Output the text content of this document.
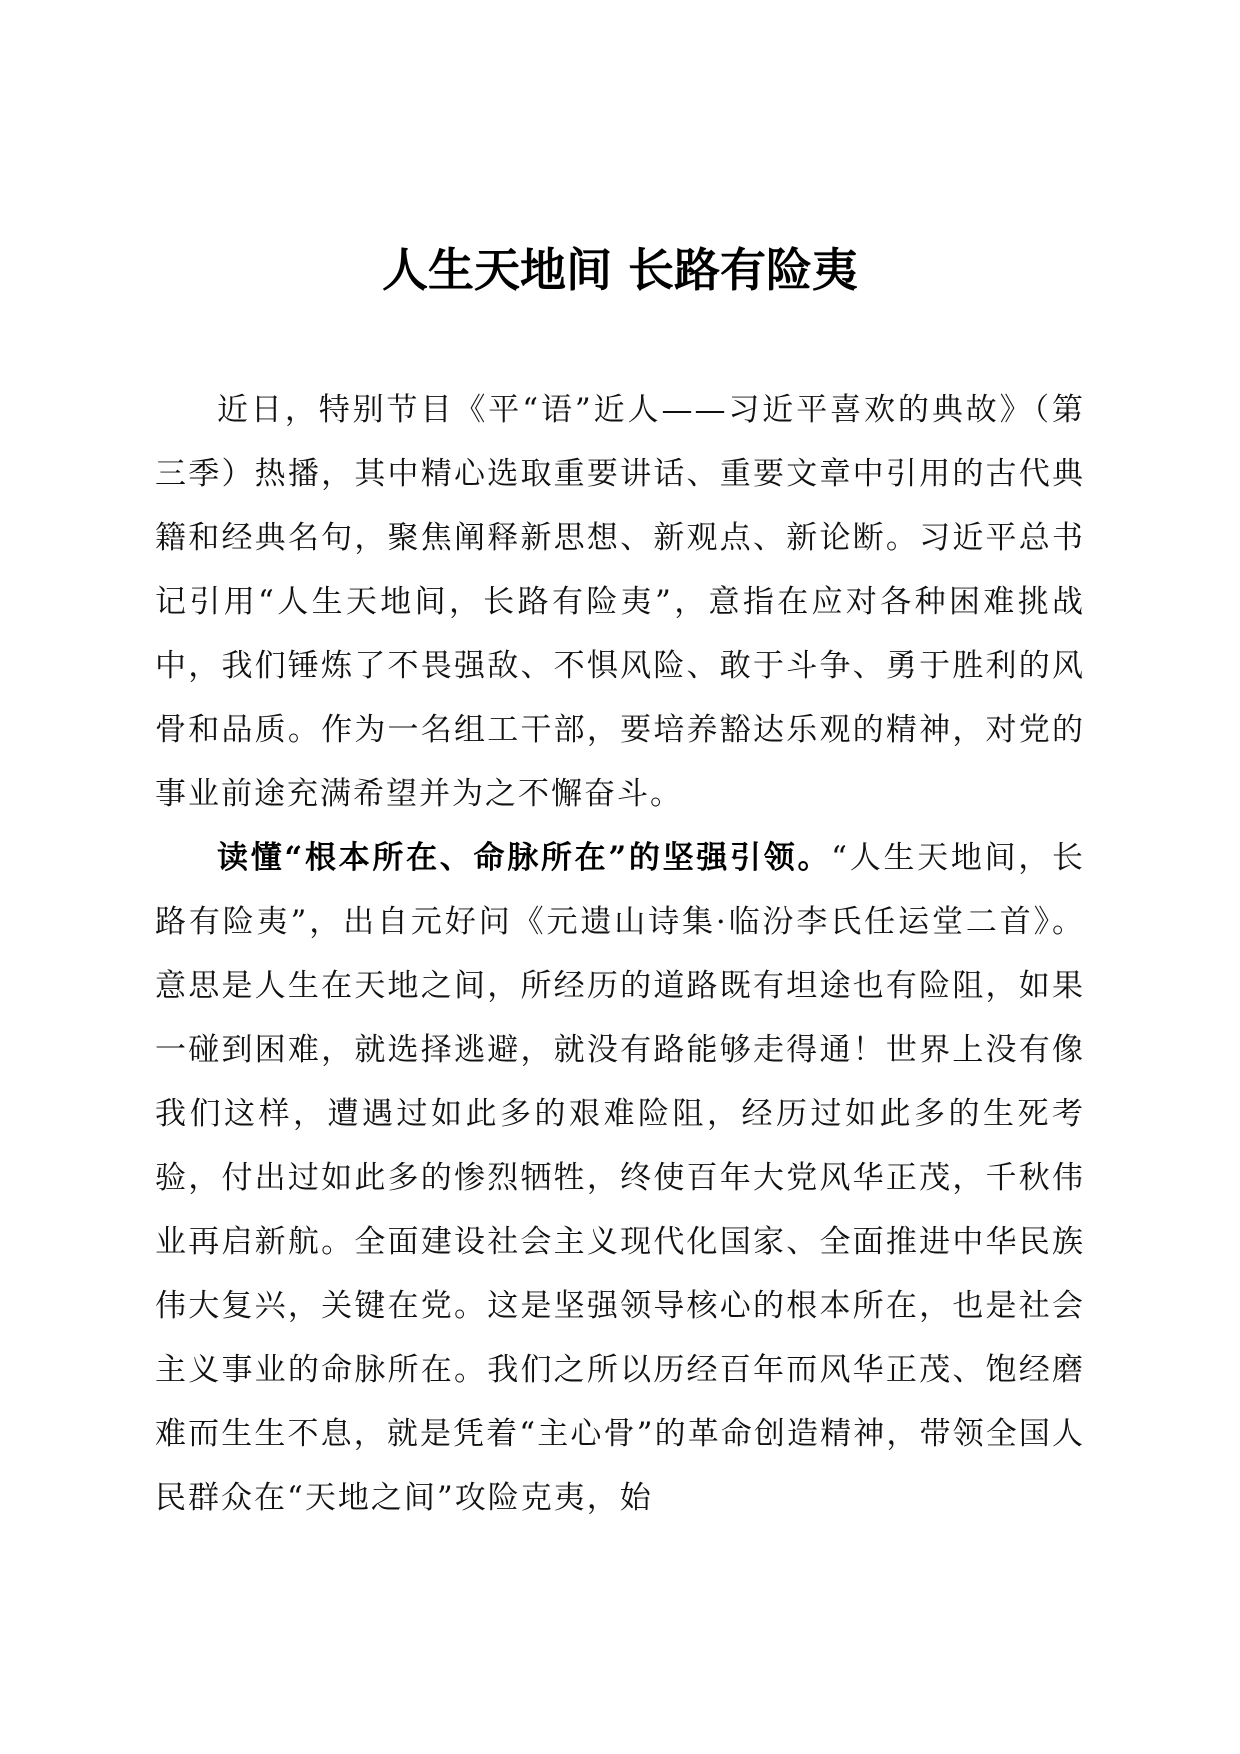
人生天地间 长路有险夷

近日，特别节目《平“语”近人——习近平喜欢的典故》（第三季）热播，其中精心选取重要讲话、重要文章中引用的古代典籍和经典名句，聚焦阐释新思想、新观点、新论断。习近平总书记引用“人生天地间，长路有险夷”，意指在应对各种困难挑战中，我们锤炼了不畏强敌、不惧风险、敢于斗争、勇于胜利的风骨和品质。作为一名组工干部，要培养豁达乐观的精神，对党的事业前途充满希望并为之不懈奋斗。

读懂“根本所在、命脉所在”的坚强引领。“人生天地间，长路有险夷”，出自元好问《元遗山诗集·临汾李氏任运堂二首》。意思是人生在天地之间，所经历的道路既有坦途也有险阻，如果一碰到困难，就选择逃避，就没有路能够走得通！世界上没有像我们这样，遭遇过如此多的艰难险阻，经历过如此多的生死考验，付出过如此多的惨烈牺牲，终使百年大党风华正茂，千秋伟业再启新航。全面建设社会主义现代化国家、全面推进中华民族伟大复兴，关键在党。这是坚强领导核心的根本所在，也是社会主义事业的命脉所在。我们之所以历经百年而风华正茂、饱经磨难而生生不息，就是凭着“主心骨”的革命创造精神，带领全国人民群众在“天地之间”攻险克夷，始
